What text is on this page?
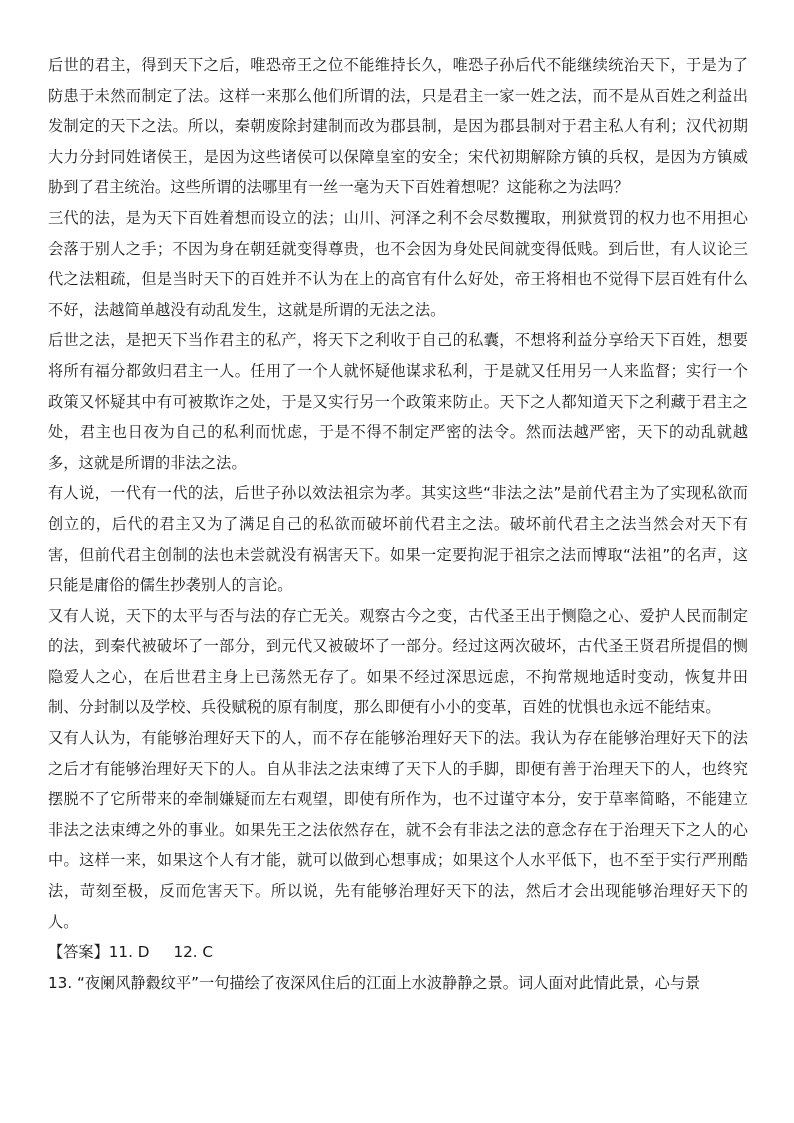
后世的君主，得到天下之后，唯恐帝王之位不能维持长久，唯恐子孙后代不能继续统治天下，于是为了防患于未然而制定了法。这样一来那么他们所谓的法，只是君主一家一姓之法，而不是从百姓之利益出发制定的天下之法。所以，秦朝废除封建制而改为郡县制，是因为郡县制对于君主私人有利；汉代初期大力分封同姓诸侯王，是因为这些诸侯可以保障皇室的安全；宋代初期解除方镇的兵权，是因为方镇威胁到了君主统治。这些所谓的法哪里有一丝一毫为天下百姓着想呢？这能称之为法吗？

三代的法，是为天下百姓着想而设立的法；山川、河泽之利不会尽数攫取，刑狱赏罚的权力也不用担心会落于别人之手；不因为身在朝廷就变得尊贵，也不会因为身处民间就变得低贱。到后世，有人议论三代之法粗疏，但是当时天下的百姓并不认为在上的高官有什么好处，帝王将相也不觉得下层百姓有什么不好，法越简单越没有动乱发生，这就是所谓的无法之法。

后世之法，是把天下当作君主的私产，将天下之利收于自己的私囊，不想将利益分享给天下百姓，想要将所有福分都敛归君主一人。任用了一个人就怀疑他谋求私利，于是就又任用另一人来监督；实行一个政策又怀疑其中有可被欺诈之处，于是又实行另一个政策来防止。天下之人都知道天下之利藏于君主之处，君主也日夜为自己的私利而忧虑，于是不得不制定严密的法令。然而法越严密，天下的动乱就越多，这就是所谓的非法之法。

有人说，一代有一代的法，后世子孙以效法祖宗为孝。其实这些“非法之法”是前代君主为了实现私欲而创立的，后代的君主又为了满足自己的私欲而破坏前代君主之法。破坏前代君主之法当然会对天下有害，但前代君主创制的法也未尝就没有祸害天下。如果一定要拘泥于祖宗之法而博取“法祖”的名声，这只能是庸俗的儒生抄袭别人的言论。

又有人说，天下的太平与否与法的存亡无关。观察古今之变，古代圣王出于恻隐之心、爱护人民而制定的法，到秦代被破坏了一部分，到元代又被破坏了一部分。经过这两次破坏，古代圣王贤君所提倡的恻隐爱人之心，在后世君主身上已荡然无存了。如果不经过深思远虑，不拘常规地适时变动，恢复井田制、分封制以及学校、兵役赋税的原有制度，那么即便有小小的变革，百姓的忧惧也永远不能结束。

又有人认为，有能够治理好天下的人，而不存在能够治理好天下的法。我认为存在能够治理好天下的法之后才有能够治理好天下的人。自从非法之法束缚了天下人的手脚，即便有善于治理天下的人，也终究摆脱不了它所带来的牵制嫌疑而左右观望，即使有所作为，也不过谨守本分，安于草率简略，不能建立非法之法束缚之外的事业。如果先王之法依然存在，就不会有非法之法的意念存在于治理天下之人的心中。这样一来，如果这个人有才能，就可以做到心想事成；如果这个人水平低下，也不至于实行严刑酷法，苛刻至极，反而危害天下。所以说，先有能够治理好天下的法，然后才会出现能够治理好天下的人。

【答案】11. D 12. C

13. “夜阑风静縠纹平”一句描绘了夜深风住后的江面上水波静静之景。词人面对此情此景，心与景
